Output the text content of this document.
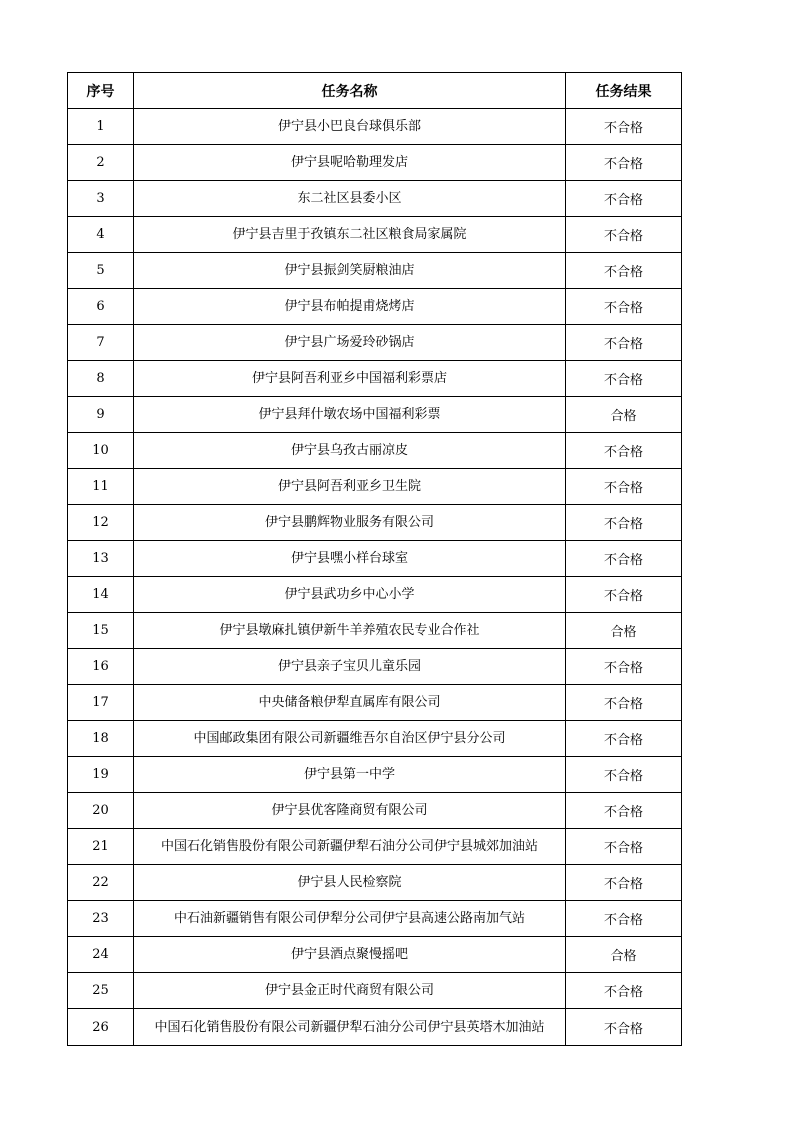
序号	任务名称	任务结果
1	伊宁县小巴良台球俱乐部	不合格
2	伊宁县呢哈勒理发店	不合格
3	东二社区县委小区	不合格
4	伊宁县吉里于孜镇东二社区粮食局家属院	不合格
5	伊宁县振剑笑厨粮油店	不合格
6	伊宁县布帕提甫烧烤店	不合格
7	伊宁县广场爱玲砂锅店	不合格
8	伊宁县阿吾利亚乡中国福利彩票店	不合格
9	伊宁县拜什墩农场中国福利彩票	合格
10	伊宁县乌孜古丽凉皮	不合格
11	伊宁县阿吾利亚乡卫生院	不合格
12	伊宁县鹏辉物业服务有限公司	不合格
13	伊宁县嘿小样台球室	不合格
14	伊宁县武功乡中心小学	不合格
15	伊宁县墩麻扎镇伊新牛羊养殖农民专业合作社	合格
16	伊宁县亲子宝贝儿童乐园	不合格
17	中央储备粮伊犁直属库有限公司	不合格
18	中国邮政集团有限公司新疆维吾尔自治区伊宁县分公司	不合格
19	伊宁县第一中学	不合格
20	伊宁县优客隆商贸有限公司	不合格
21	中国石化销售股份有限公司新疆伊犁石油分公司伊宁县城郊加油站	不合格
22	伊宁县人民检察院	不合格
23	中石油新疆销售有限公司伊犁分公司伊宁县高速公路南加气站	不合格
24	伊宁县酒点聚慢摇吧	合格
25	伊宁县金正时代商贸有限公司	不合格
26	中国石化销售股份有限公司新疆伊犁石油分公司伊宁县英塔木加油站	不合格
